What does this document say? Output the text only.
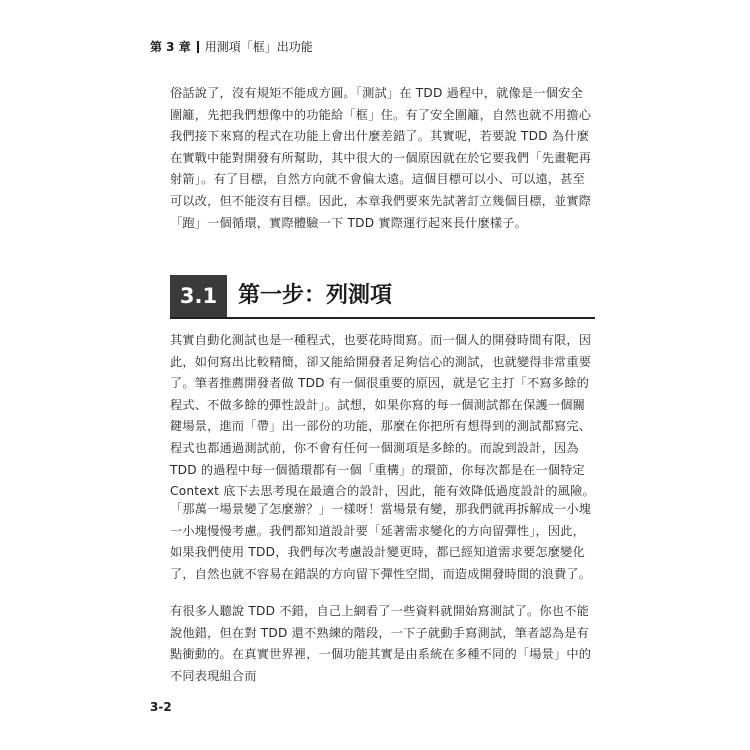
第 3 章 用測項「框」出功能

俗話說了，沒有規矩不能成方圓。「測試」在 TDD 過程中，就像是一個安全圍籬，先把我們想像中的功能給「框」住。有了安全圍籬，自然也就不用擔心我們接下來寫的程式在功能上會出什麼差錯了。其實呢，若要說 TDD 為什麼在實戰中能對開發有所幫助，其中很大的一個原因就在於它要我們「先畫靶再射箭」。有了目標，自然方向就不會偏太遠。這個目標可以小、可以遠，甚至可以改，但不能沒有目標。因此，本章我們要來先試著訂立幾個目標，並實際「跑」一個循環，實際體驗一下 TDD 實際運行起來長什麼樣子。

3.1 第一步：列測項

其實自動化測試也是一種程式，也要花時間寫。而一個人的開發時間有限，因此，如何寫出比較精簡，卻又能給開發者足夠信心的測試，也就變得非常重要了。筆者推薦開發者做 TDD 有一個很重要的原因，就是它主打「不寫多餘的程式、不做多餘的彈性設計」。試想，如果你寫的每一個測試都在保護一個關鍵場景，進而「帶」出一部份的功能，那麼在你把所有想得到的測試都寫完、程式也都通過測試前，你不會有任何一個測項是多餘的。而說到設計，因為 TDD 的過程中每一個循環都有一個「重構」的環節，你每次都是在一個特定 Context 底下去思考現在最適合的設計，因此，能有效降低過度設計的風險。

「那萬一場景變了怎麼辦？」一樣呀！當場景有變，那我們就再拆解成一小塊一小塊慢慢考慮。我們都知道設計要「延著需求變化的方向留彈性」，因此，如果我們使用 TDD，我們每次考慮設計變更時，都已經知道需求要怎麼變化了，自然也就不容易在錯誤的方向留下彈性空間，而造成開發時間的浪費了。

有很多人聽說 TDD 不錯，自己上網看了一些資料就開始寫測試了。你也不能說他錯，但在對 TDD 還不熟練的階段，一下子就動手寫測試，筆者認為是有點衝動的。在真實世界裡，一個功能其實是由系統在多種不同的「場景」中的不同表現組合而

3-2
